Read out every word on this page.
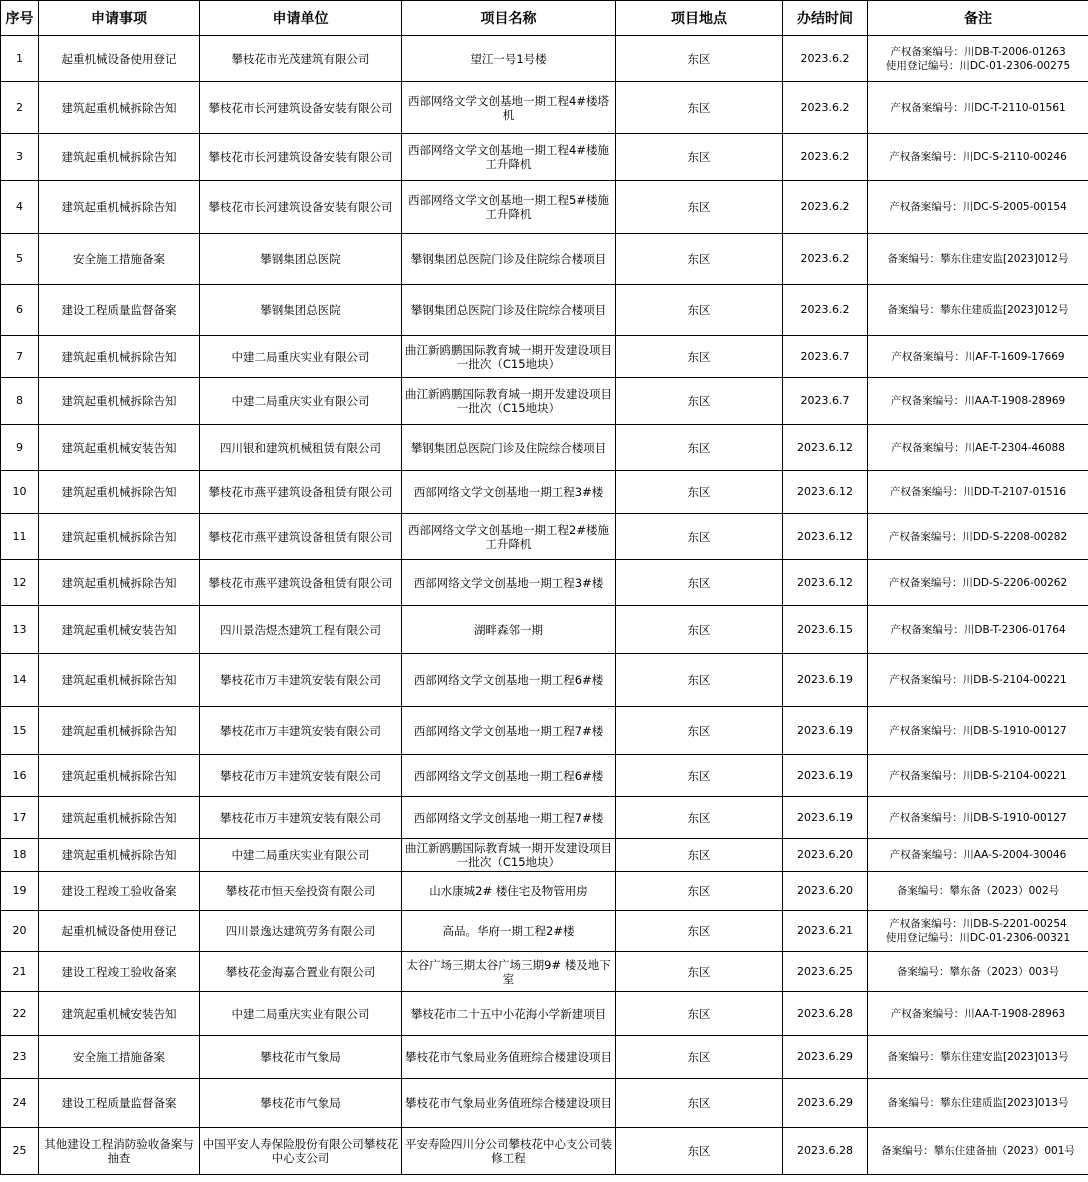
序号	申请事项	申请单位	项目名称	项目地点	办结时间	备注
1	起重机械设备使用登记	攀枝花市光茂建筑有限公司	望江一号1号楼	东区	2023.6.2	产权备案编号：川DB-T-2006-01263
使用登记编号：川DC-01-2306-00275

2	建筑起重机械拆除告知	攀枝花市长河建筑设备安装有限公司	西部网络文学文创基地一期工程4#楼塔机	东区	2023.6.2	产权备案编号：川DC-T-2110-01561

3	建筑起重机械拆除告知	攀枝花市长河建筑设备安装有限公司	西部网络文学文创基地一期工程4#楼施工升降机	东区	2023.6.2	产权备案编号：川DC-S-2110-00246

4	建筑起重机械拆除告知	攀枝花市长河建筑设备安装有限公司	西部网络文学文创基地一期工程5#楼施工升降机	东区	2023.6.2	产权备案编号：川DC-S-2005-00154

5	安全施工措施备案	攀钢集团总医院	攀钢集团总医院门诊及住院综合楼项目	东区	2023.6.2	备案编号：攀东住建安监[2023]012号

6	建设工程质量监督备案	攀钢集团总医院	攀钢集团总医院门诊及住院综合楼项目	东区	2023.6.2	备案编号：攀东住建质监[2023]012号

7	建筑起重机械拆除告知	中建二局重庆实业有限公司	曲江新鸥鹏国际教育城一期开发建设项目一批次（C15地块）	东区	2023.6.7	产权备案编号：川AF-T-1609-17669

8	建筑起重机械拆除告知	中建二局重庆实业有限公司	曲江新鸥鹏国际教育城一期开发建设项目一批次（C15地块）	东区	2023.6.7	产权备案编号：川AA-T-1908-28969

9	建筑起重机械安装告知	四川银和建筑机械租赁有限公司	攀钢集团总医院门诊及住院综合楼项目	东区	2023.6.12	产权备案编号：川AE-T-2304-46088

10	建筑起重机械拆除告知	攀枝花市燕平建筑设备租赁有限公司	西部网络文学文创基地一期工程3#楼	东区	2023.6.12	产权备案编号：川DD-T-2107-01516

11	建筑起重机械拆除告知	攀枝花市燕平建筑设备租赁有限公司	西部网络文学文创基地一期工程2#楼施工升降机	东区	2023.6.12	产权备案编号：川DD-S-2208-00282

12	建筑起重机械拆除告知	攀枝花市燕平建筑设备租赁有限公司	西部网络文学文创基地一期工程3#楼	东区	2023.6.12	产权备案编号：川DD-S-2206-00262

13	建筑起重机械安装告知	四川景浩煜杰建筑工程有限公司	湖畔森邻一期	东区	2023.6.15	产权备案编号：川DB-T-2306-01764

14	建筑起重机械拆除告知	攀枝花市万丰建筑安装有限公司	西部网络文学文创基地一期工程6#楼	东区	2023.6.19	产权备案编号：川DB-S-2104-00221

15	建筑起重机械拆除告知	攀枝花市万丰建筑安装有限公司	西部网络文学文创基地一期工程7#楼	东区	2023.6.19	产权备案编号：川DB-S-1910-00127

16	建筑起重机械拆除告知	攀枝花市万丰建筑安装有限公司	西部网络文学文创基地一期工程6#楼	东区	2023.6.19	产权备案编号：川DB-S-2104-00221

17	建筑起重机械拆除告知	攀枝花市万丰建筑安装有限公司	西部网络文学文创基地一期工程7#楼	东区	2023.6.19	产权备案编号：川DB-S-1910-00127

18	建筑起重机械拆除告知	中建二局重庆实业有限公司	曲江新鸥鹏国际教育城一期开发建设项目一批次（C15地块）	东区	2023.6.20	产权备案编号：川AA-S-2004-30046

19	建设工程竣工验收备案	攀枝花市恒天垒投资有限公司	山水康城2# 楼住宅及物管用房	东区	2023.6.20	备案编号：攀东备（2023）002号

20	起重机械设备使用登记	四川景逸达建筑劳务有限公司	高品。华府一期工程2#楼	东区	2023.6.21	产权备案编号：川DB-S-2201-00254
使用登记编号：川DC-01-2306-00321

21	建设工程竣工验收备案	攀枝花金海嘉合置业有限公司	太谷广场三期太谷广场三期9# 楼及地下室	东区	2023.6.25	备案编号：攀东备（2023）003号

22	建筑起重机械安装告知	中建二局重庆实业有限公司	攀枝花市二十五中小花海小学新建项目	东区	2023.6.28	产权备案编号：川AA-T-1908-28963

23	安全施工措施备案	攀枝花市气象局	攀枝花市气象局业务值班综合楼建设项目	东区	2023.6.29	备案编号：攀东住建安监[2023]013号

24	建设工程质量监督备案	攀枝花市气象局	攀枝花市气象局业务值班综合楼建设项目	东区	2023.6.29	备案编号：攀东住建质监[2023]013号

25	其他建设工程消防验收备案与抽查	中国平安人寿保险股份有限公司攀枝花中心支公司	平安寿险四川分公司攀枝花中心支公司装修工程	东区	2023.6.28	备案编号：攀东住建备抽（2023）001号
